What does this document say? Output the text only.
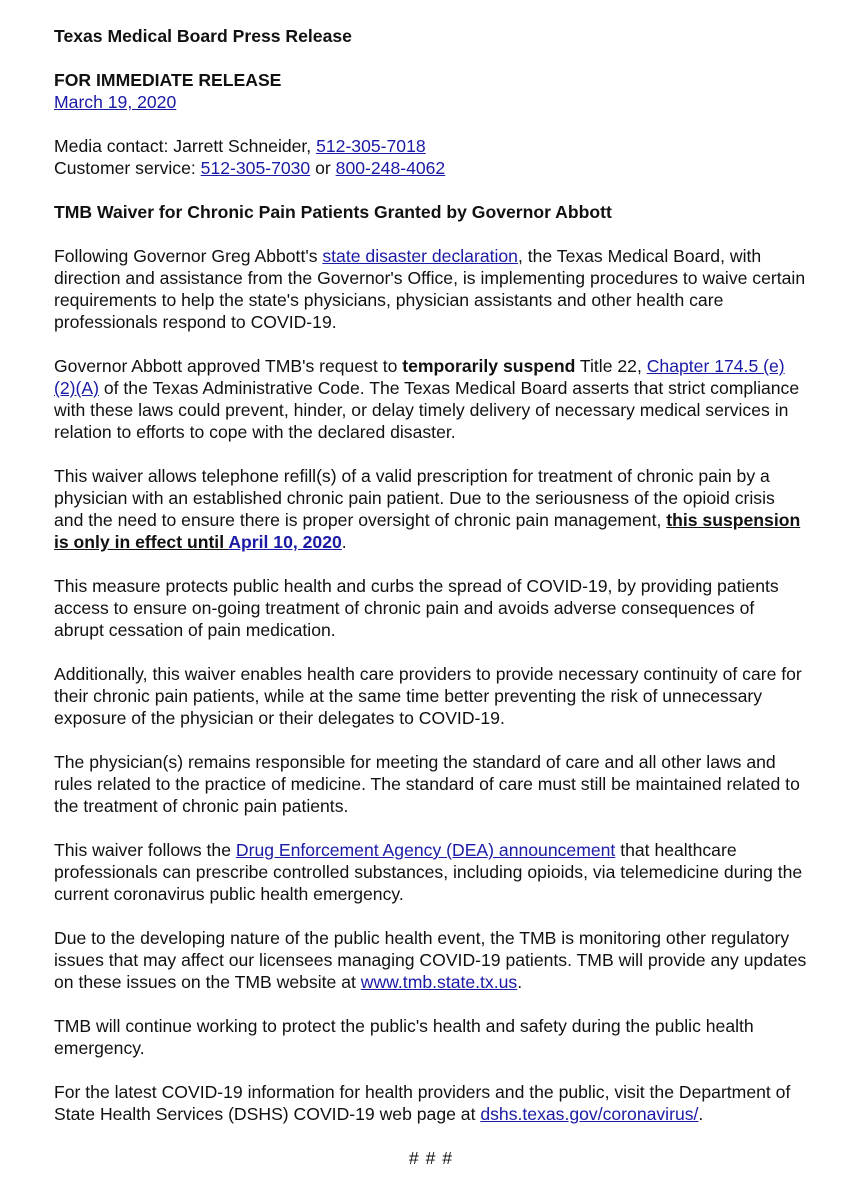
Texas Medical Board Press Release

FOR IMMEDIATE RELEASE
March 19, 2020

Media contact: Jarrett Schneider, 512-305-7018
Customer service: 512-305-7030 or 800-248-4062

TMB Waiver for Chronic Pain Patients Granted by Governor Abbott

Following Governor Greg Abbott's state disaster declaration, the Texas Medical Board, with direction and assistance from the Governor's Office, is implementing procedures to waive certain requirements to help the state's physicians, physician assistants and other health care professionals respond to COVID-19.

Governor Abbott approved TMB's request to temporarily suspend Title 22, Chapter 174.5 (e) (2)(A) of the Texas Administrative Code. The Texas Medical Board asserts that strict compliance with these laws could prevent, hinder, or delay timely delivery of necessary medical services in relation to efforts to cope with the declared disaster.

This waiver allows telephone refill(s) of a valid prescription for treatment of chronic pain by a physician with an established chronic pain patient. Due to the seriousness of the opioid crisis and the need to ensure there is proper oversight of chronic pain management, this suspension is only in effect until April 10, 2020.

This measure protects public health and curbs the spread of COVID-19, by providing patients access to ensure on-going treatment of chronic pain and avoids adverse consequences of abrupt cessation of pain medication.

Additionally, this waiver enables health care providers to provide necessary continuity of care for their chronic pain patients, while at the same time better preventing the risk of unnecessary exposure of the physician or their delegates to COVID-19.

The physician(s) remains responsible for meeting the standard of care and all other laws and rules related to the practice of medicine. The standard of care must still be maintained related to the treatment of chronic pain patients.

This waiver follows the Drug Enforcement Agency (DEA) announcement that healthcare professionals can prescribe controlled substances, including opioids, via telemedicine during the current coronavirus public health emergency.

Due to the developing nature of the public health event, the TMB is monitoring other regulatory issues that may affect our licensees managing COVID-19 patients. TMB will provide any updates on these issues on the TMB website at www.tmb.state.tx.us.

TMB will continue working to protect the public's health and safety during the public health emergency.

For the latest COVID-19 information for health providers and the public, visit the Department of State Health Services (DSHS) COVID-19 web page at dshs.texas.gov/coronavirus/.

# # #
